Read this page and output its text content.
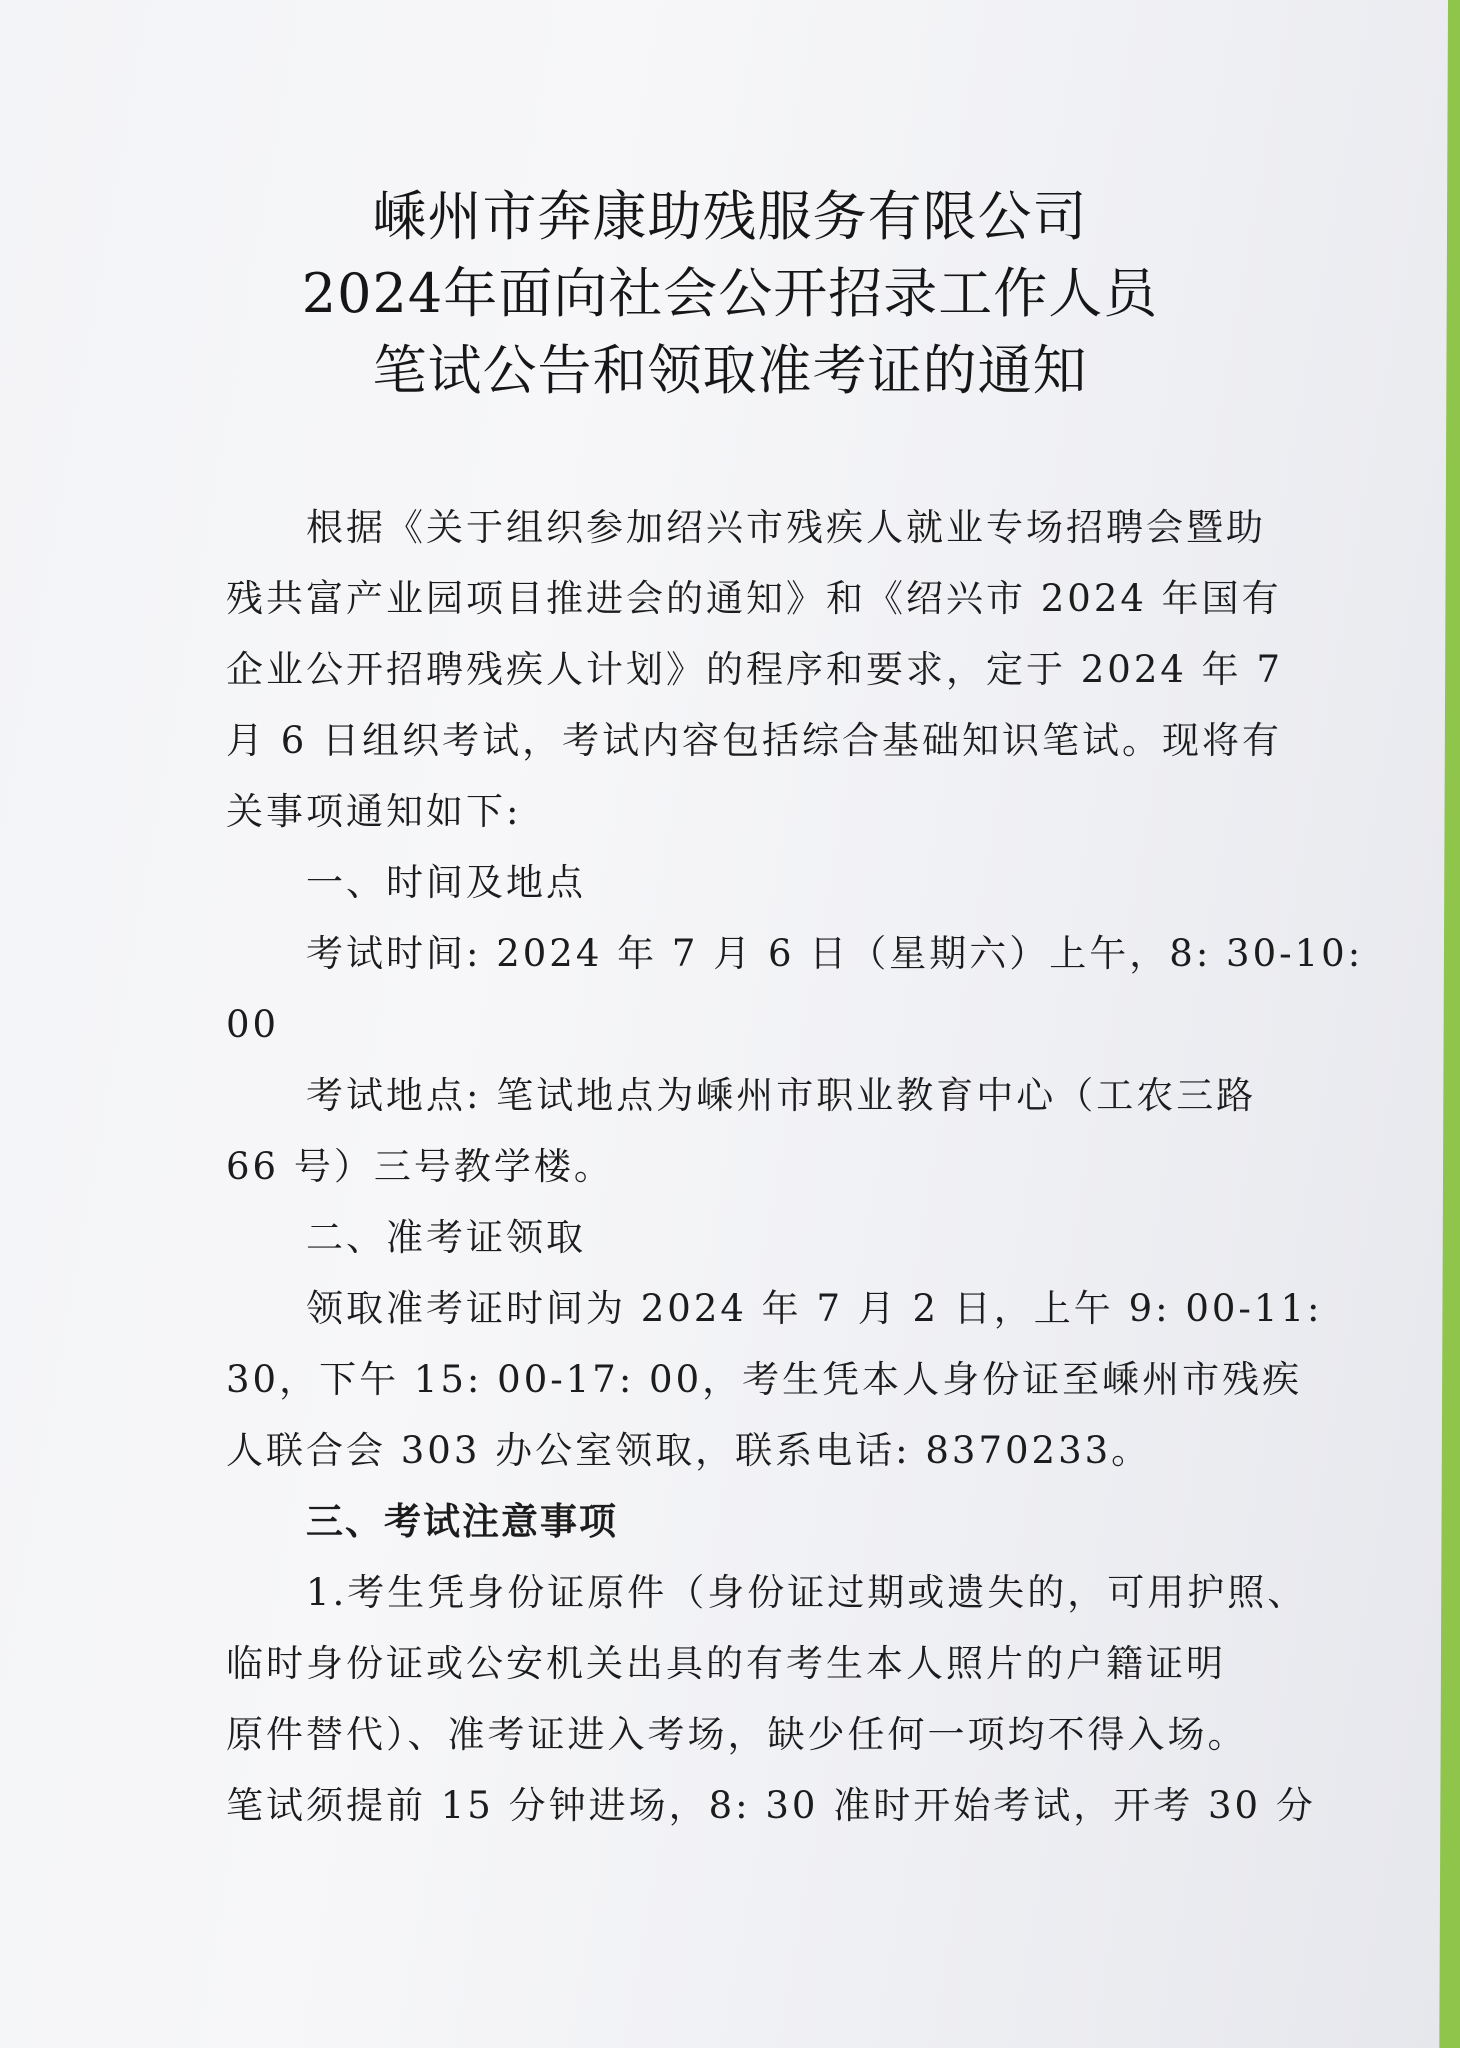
嵊州市奔康助残服务有限公司
2024年面向社会公开招录工作人员
笔试公告和领取准考证的通知
根据《关于组织参加绍兴市残疾人就业专场招聘会暨助
残共富产业园项目推进会的通知》和《绍兴市 2024 年国有
企业公开招聘残疾人计划》的程序和要求，定于 2024 年 7
月 6 日组织考试，考试内容包括综合基础知识笔试。现将有
关事项通知如下:
一、时间及地点
考试时间: 2024 年 7 月 6 日（星期六）上午，8: 30-10:
00
考试地点: 笔试地点为嵊州市职业教育中心（工农三路
66 号）三号教学楼。
二、准考证领取
领取准考证时间为 2024 年 7 月 2 日，上午 9: 00-11:
30，下午 15: 00-17: 00，考生凭本人身份证至嵊州市残疾
人联合会 303 办公室领取，联系电话: 8370233。
三、考试注意事项
1.考生凭身份证原件（身份证过期或遗失的，可用护照、
临时身份证或公安机关出具的有考生本人照片的户籍证明
原件替代）、准考证进入考场，缺少任何一项均不得入场。
笔试须提前 15 分钟进场，8: 30 准时开始考试，开考 30 分
